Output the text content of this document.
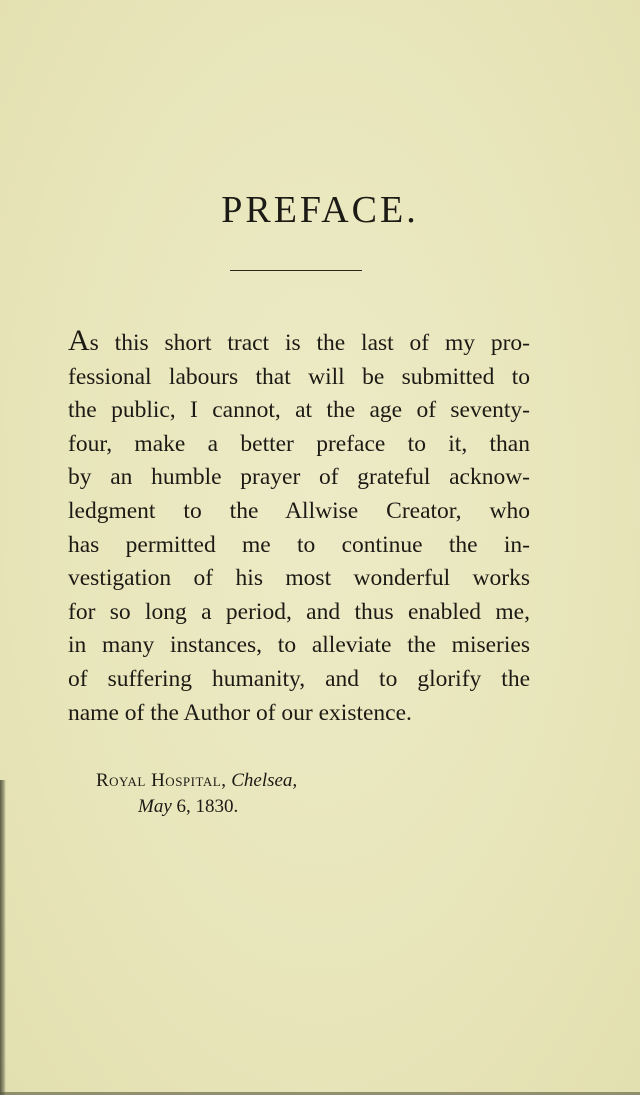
PREFACE.
As this short tract is the last of my pro-
fessional labours that will be submitted to
the public, I cannot, at the age of seventy-
four, make a better preface to it, than
by an humble prayer of grateful acknow-
ledgment to the Allwise Creator, who
has permitted me to continue the in-
vestigation of his most wonderful works
for so long a period, and thus enabled me,
in many instances, to alleviate the miseries
of suffering humanity, and to glorify the
name of the Author of our existence.
Royal Hospital, Chelsea,
May 6, 1830.
